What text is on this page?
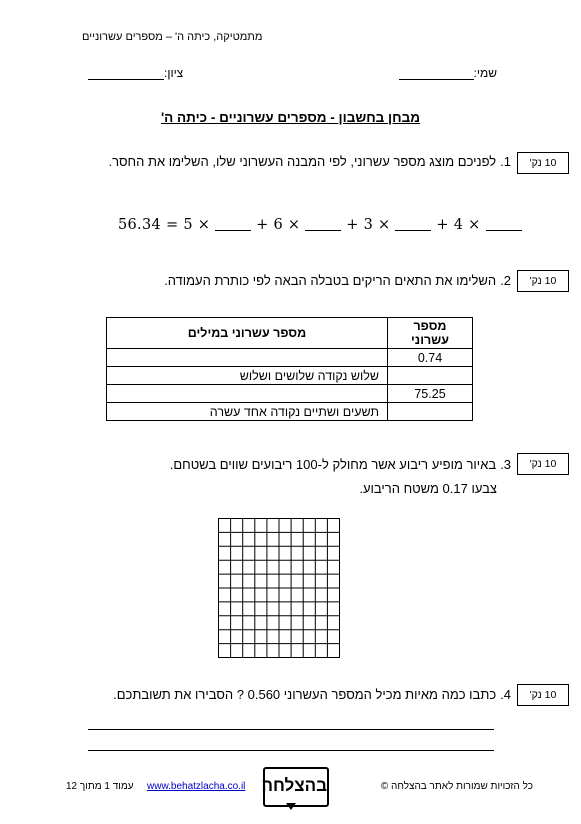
מתמטיקה, כיתה ה' – מספרים עשרוניים
שמי:
ציון:
מבחן בחשבון - מספרים עשרוניים - כיתה ה'
10 נק'
1.
לפניכם מוצג מספר עשרוני, לפי המבנה העשרוני שלו, השלימו את החסר.
56.34 = 5 ×	+ 6 ×	+ 3 ×	+ 4 ×
10 נק'
2.
השלימו את התאים הריקים בטבלה הבאה לפי כותרת העמודה.
מספר עשרוני	מספר עשרוני במילים
0.74	
	שלוש נקודה שלושים ושלוש
75.25	
	תשעים ושתיים נקודה אחד עשרה
10 נק'
3.
באיור מופיע ריבוע אשר מחולק ל-100 ריבועים שווים בשטחם.
צבעו 0.17 משטח הריבוע.
10 נק'
4.
כתבו כמה מאיות מכיל המספר העשרוני 0.560 ? הסבירו את תשובתכם.
כל הזכויות שמורות לאתר בהצלחה ©
בהצלחה
www.behatzlacha.co.il
עמוד 1 מתוך 12
